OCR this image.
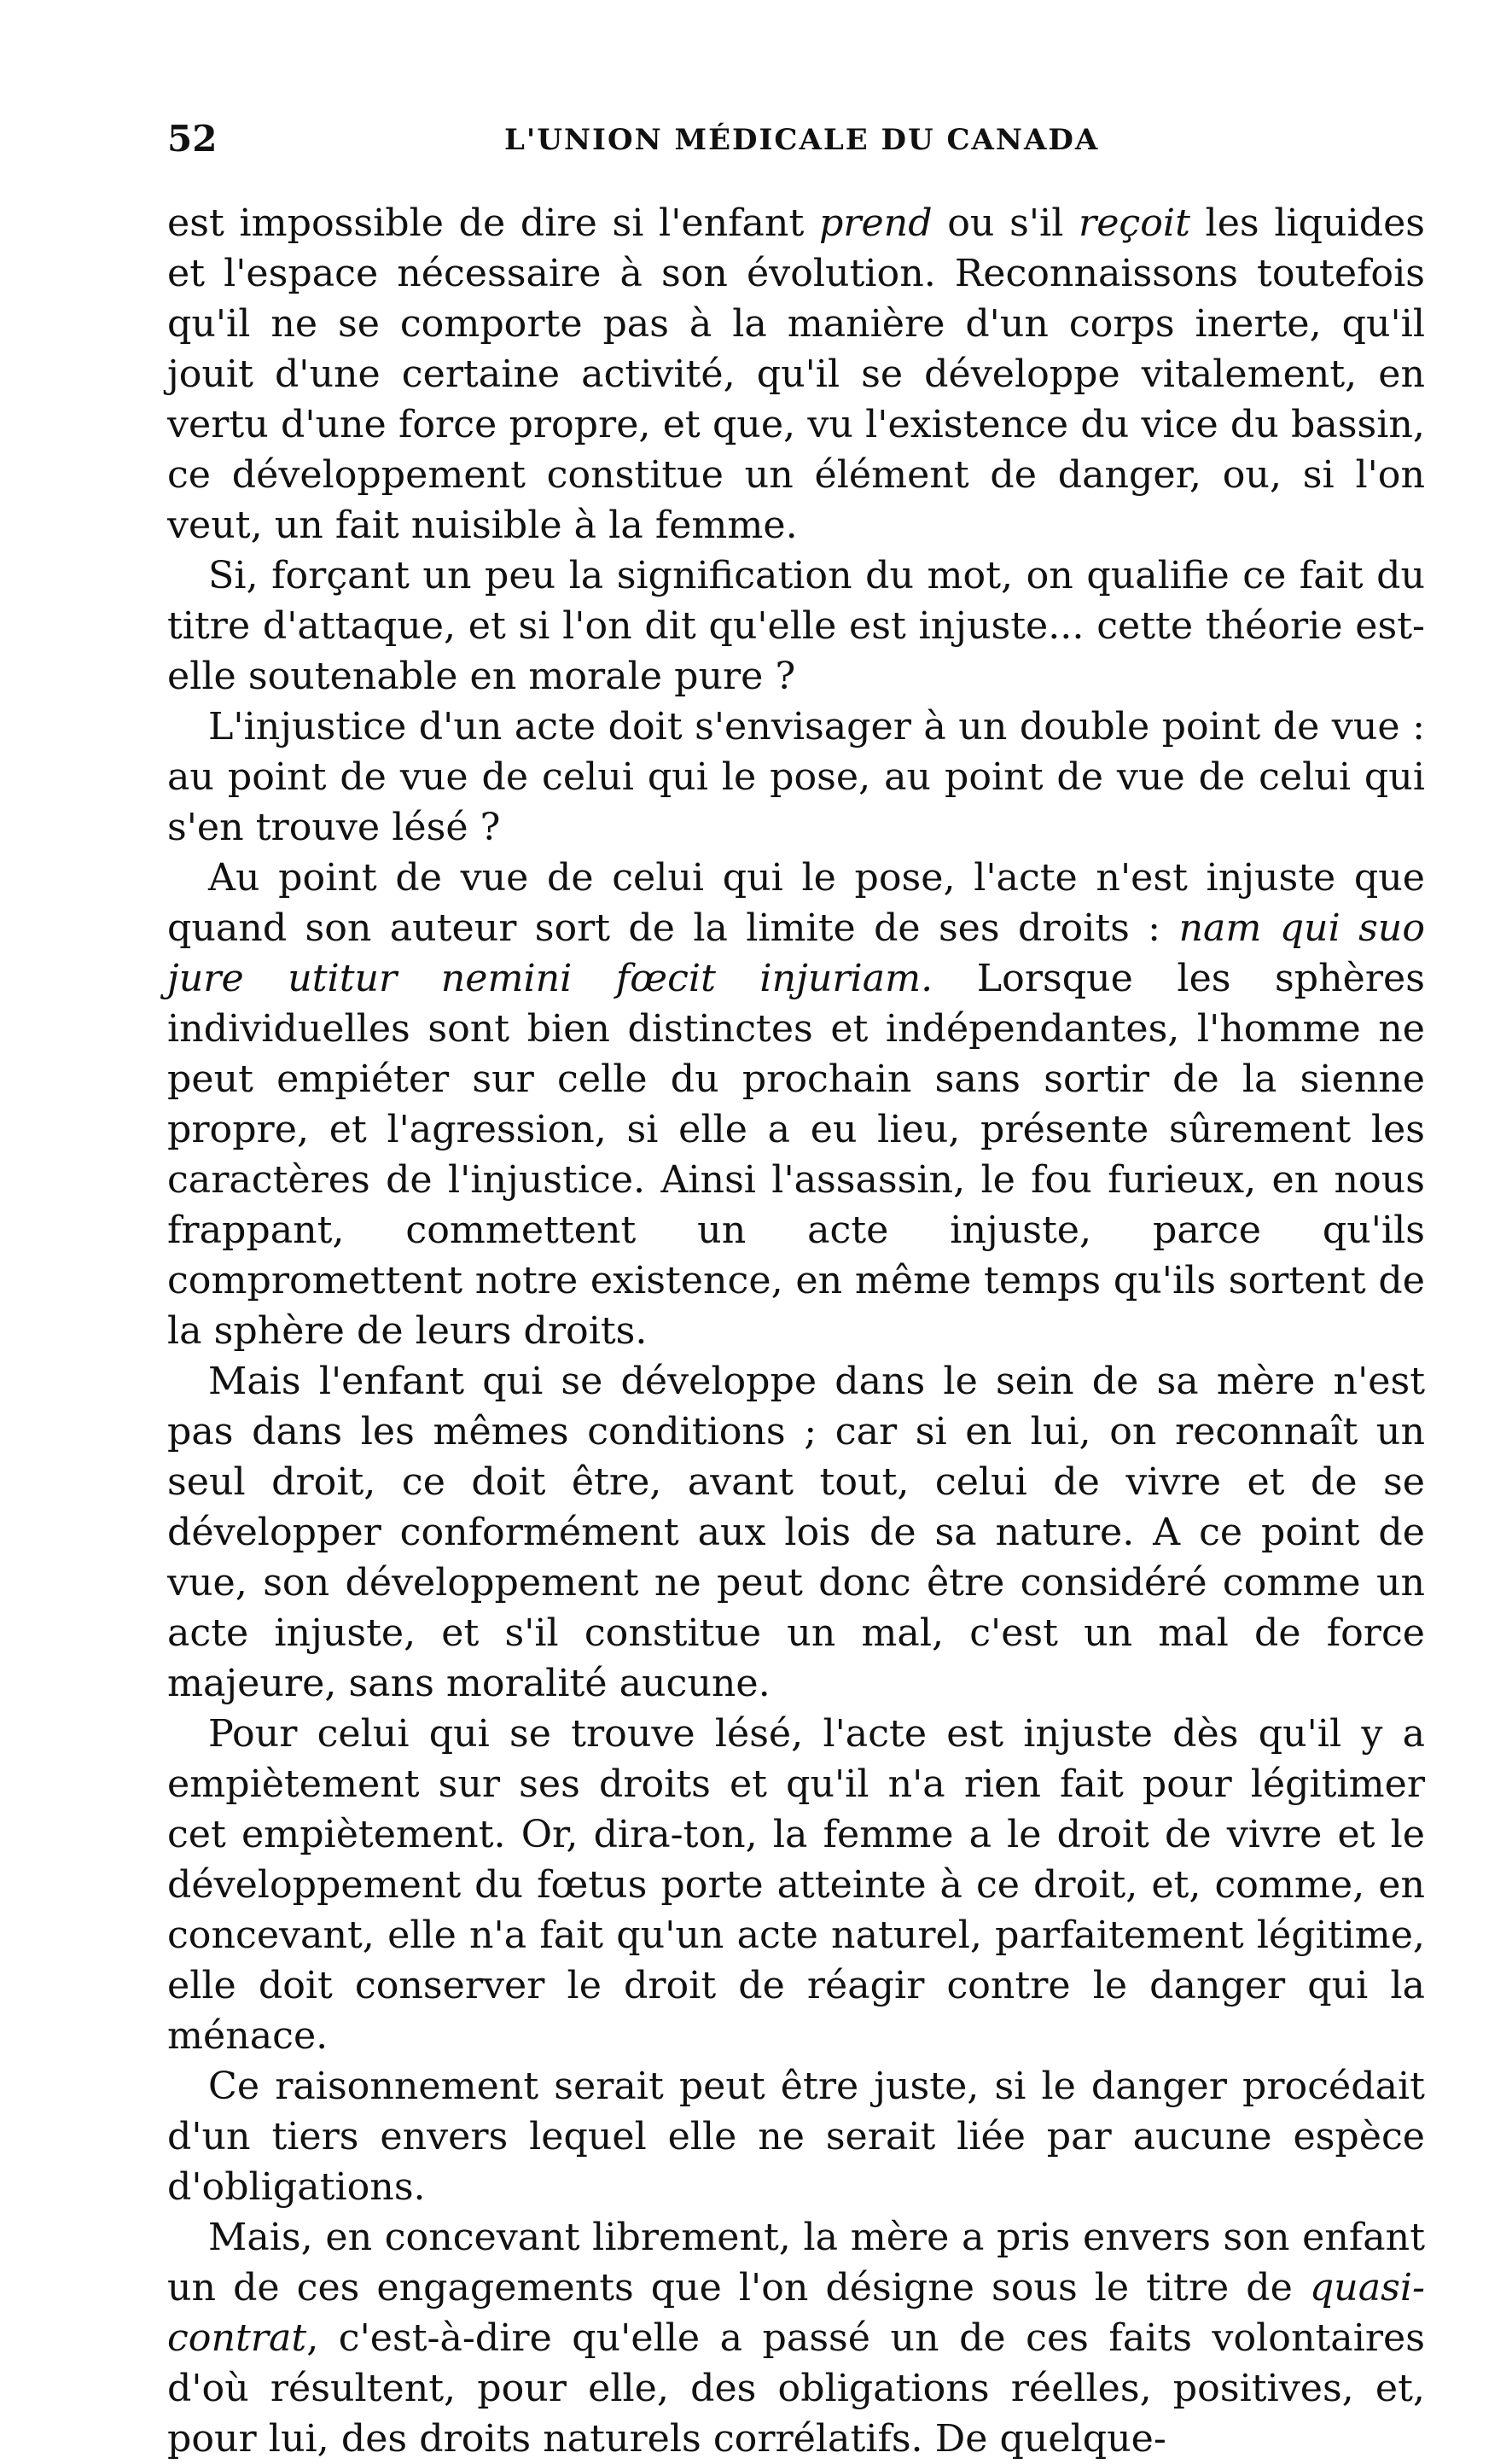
52	L'UNION MÉDICALE DU CANADA

est impossible de dire si l'enfant prend ou s'il reçoit les liquides et l'espace nécessaire à son évolution. Reconnaissons toutefois qu'il ne se comporte pas à la manière d'un corps inerte, qu'il jouit d'une certaine activité, qu'il se développe vitalement, en vertu d'une force propre, et que, vu l'existence du vice du bassin, ce développement constitue un élément de danger, ou, si l'on veut, un fait nuisible à la femme.

Si, forçant un peu la signification du mot, on qualifie ce fait du titre d'attaque, et si l'on dit qu'elle est injuste... cette théorie est-elle soutenable en morale pure ?

L'injustice d'un acte doit s'envisager à un double point de vue : au point de vue de celui qui le pose, au point de vue de celui qui s'en trouve lésé ?

Au point de vue de celui qui le pose, l'acte n'est injuste que quand son auteur sort de la limite de ses droits : nam qui suo jure utitur nemini fœcit injuriam. Lorsque les sphères individuelles sont bien distinctes et indépendantes, l'homme ne peut empiéter sur celle du prochain sans sortir de la sienne propre, et l'agression, si elle a eu lieu, présente sûrement les caractères de l'injustice. Ainsi l'assassin, le fou furieux, en nous frappant, commettent un acte injuste, parce qu'ils compromettent notre existence, en même temps qu'ils sortent de la sphère de leurs droits.

Mais l'enfant qui se développe dans le sein de sa mère n'est pas dans les mêmes conditions ; car si en lui, on reconnaît un seul droit, ce doit être, avant tout, celui de vivre et de se développer conformément aux lois de sa nature. A ce point de vue, son développement ne peut donc être considéré comme un acte injuste, et s'il constitue un mal, c'est un mal de force majeure, sans moralité aucune.

Pour celui qui se trouve lésé, l'acte est injuste dès qu'il y a empiètement sur ses droits et qu'il n'a rien fait pour légitimer cet empiètement. Or, dira-ton, la femme a le droit de vivre et le développement du fœtus porte atteinte à ce droit, et, comme, en concevant, elle n'a fait qu'un acte naturel, parfaitement légitime, elle doit conserver le droit de réagir contre le danger qui la ménace.

Ce raisonnement serait peut être juste, si le danger procédait d'un tiers envers lequel elle ne serait liée par aucune espèce d'obligations.

Mais, en concevant librement, la mère a pris envers son enfant un de ces engagements que l'on désigne sous le titre de quasi-contrat, c'est-à-dire qu'elle a passé un de ces faits volontaires d'où résultent, pour elle, des obligations réelles, positives, et, pour lui, des droits naturels corrélatifs. De quelque-
